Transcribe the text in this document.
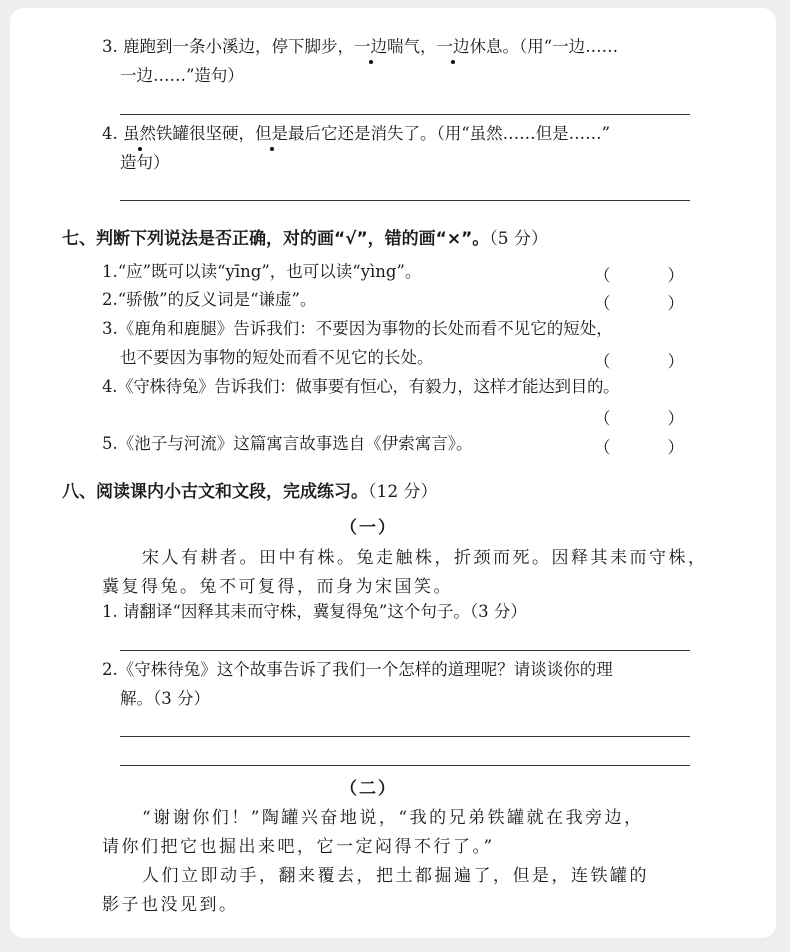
3. 鹿跑到一条小溪边，停下脚步，一边喘气，一边休息。（用“一边……
一边……”造句）
4. 虽然铁罐很坚硬，但是最后它还是消失了。（用“虽然……但是……”
造句）
七、判断下列说法是否正确，对的画“√”，错的画“×”。（5 分）
1.“应”既可以读“yīng”，也可以读“yìng”。	（	）
2.“骄傲”的反义词是“谦虚”。	（	）
3.《鹿角和鹿腿》告诉我们：不要因为事物的长处而看不见它的短处，
也不要因为事物的短处而看不见它的长处。	（	）
4.《守株待兔》告诉我们：做事要有恒心，有毅力，这样才能达到目的。
（	）
5.《池子与河流》这篇寓言故事选自《伊索寓言》。	（	）
八、阅读课内小古文和文段，完成练习。（12 分）
（一）
宋人有耕者。田中有株。兔走触株，折颈而死。因释其耒而守株，
冀复得兔。兔不可复得，而身为宋国笑。
1. 请翻译“因释其耒而守株，冀复得兔”这个句子。（3 分）
2.《守株待兔》这个故事告诉了我们一个怎样的道理呢？请谈谈你的理
解。（3 分）
（二）
“谢谢你们！”陶罐兴奋地说，“我的兄弟铁罐就在我旁边，
请你们把它也掘出来吧，它一定闷得不行了。”
人们立即动手，翻来覆去，把土都掘遍了，但是，连铁罐的
影子也没见到。
